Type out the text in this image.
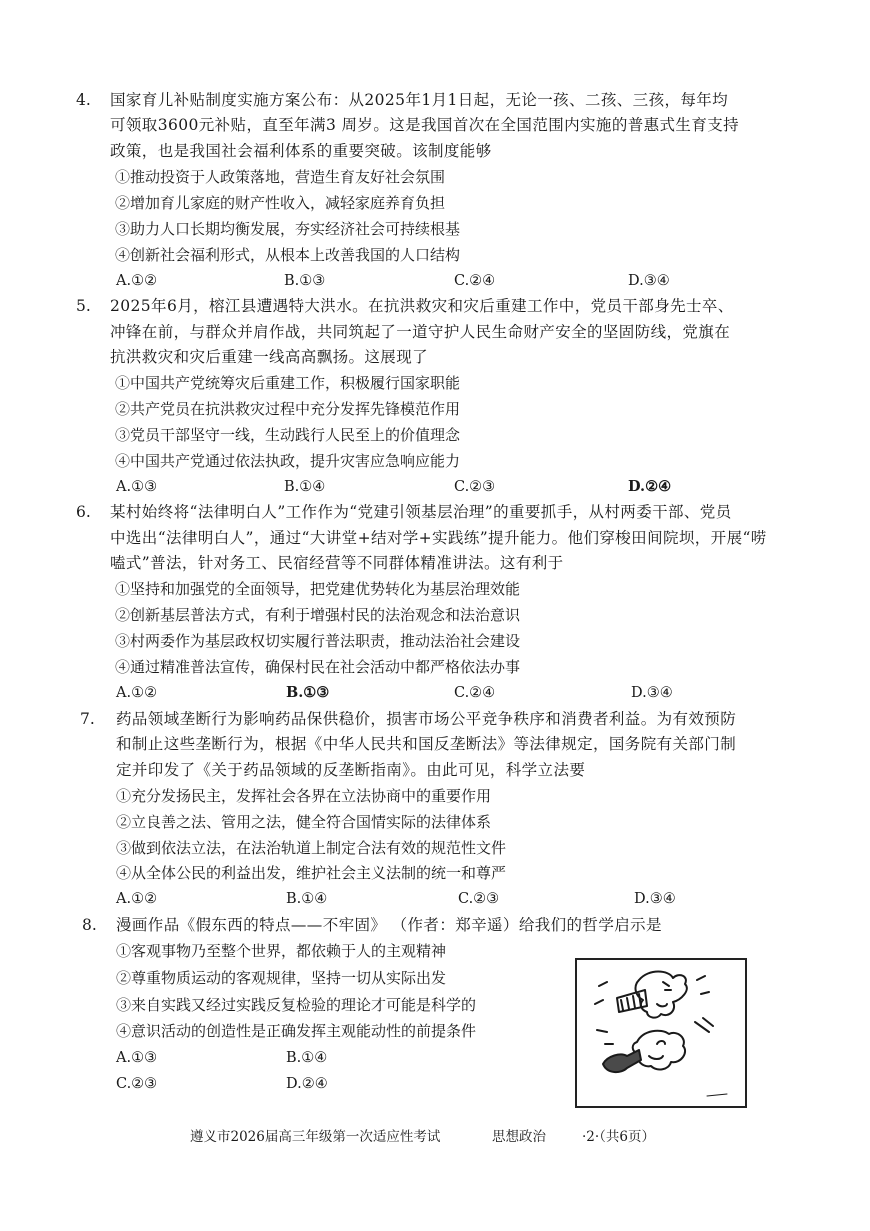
4. 国家育儿补贴制度实施方案公布：从2025年1月1日起，无论一孩、二孩、三孩，每年均
可领取3600元补贴，直至年满3 周岁。这是我国首次在全国范围内实施的普惠式生育支持
政策，也是我国社会福利体系的重要突破。该制度能够
①推动投资于人政策落地，营造生育友好社会氛围
②增加育儿家庭的财产性收入，减轻家庭养育负担
③助力人口长期均衡发展，夯实经济社会可持续根基
④创新社会福利形式，从根本上改善我国的人口结构
A.①②	B.①③	C.②④	D.③④
5. 2025年6月，榕江县遭遇特大洪水。在抗洪救灾和灾后重建工作中，党员干部身先士卒、
冲锋在前，与群众并肩作战，共同筑起了一道守护人民生命财产安全的坚固防线，党旗在
抗洪救灾和灾后重建一线高高飘扬。这展现了
①中国共产党统筹灾后重建工作，积极履行国家职能
②共产党员在抗洪救灾过程中充分发挥先锋模范作用
③党员干部坚守一线，生动践行人民至上的价值理念
④中国共产党通过依法执政，提升灾害应急响应能力
A.①③	B.①④	C.②③	D.②④
6. 某村始终将“法律明白人”工作作为“党建引领基层治理”的重要抓手，从村两委干部、党员
中选出“法律明白人”，通过“大讲堂+结对学+实践练”提升能力。他们穿梭田间院坝，开展“唠
嗑式”普法，针对务工、民宿经营等不同群体精准讲法。这有利于
①坚持和加强党的全面领导，把党建优势转化为基层治理效能
②创新基层普法方式，有利于增强村民的法治观念和法治意识
③村两委作为基层政权切实履行普法职责，推动法治社会建设
④通过精准普法宣传，确保村民在社会活动中都严格依法办事
A.①②	B.①③	C.②④	D.③④
7. 药品领域垄断行为影响药品保供稳价，损害市场公平竞争秩序和消费者利益。为有效预防
和制止这些垄断行为，根据《中华人民共和国反垄断法》等法律规定，国务院有关部门制
定并印发了《关于药品领域的反垄断指南》。由此可见，科学立法要
①充分发扬民主，发挥社会各界在立法协商中的重要作用
②立良善之法、管用之法，健全符合国情实际的法律体系
③做到依法立法，在法治轨道上制定合法有效的规范性文件
④从全体公民的利益出发，维护社会主义法制的统一和尊严
A.①②	B.①④	C.②③	D.③④
8. 漫画作品《假东西的特点——不牢固》 （作者：郑辛遥）给我们的哲学启示是
①客观事物乃至整个世界，都依赖于人的主观精神
②尊重物质运动的客观规律，坚持一切从实际出发
③来自实践又经过实践反复检验的理论才可能是科学的
④意识活动的创造性是正确发挥主观能动性的前提条件
A.①③	B.①④
C.②③	D.②④
遵义市2026届高三年级第一次适应性考试	思想政治	·2·（共6页）
